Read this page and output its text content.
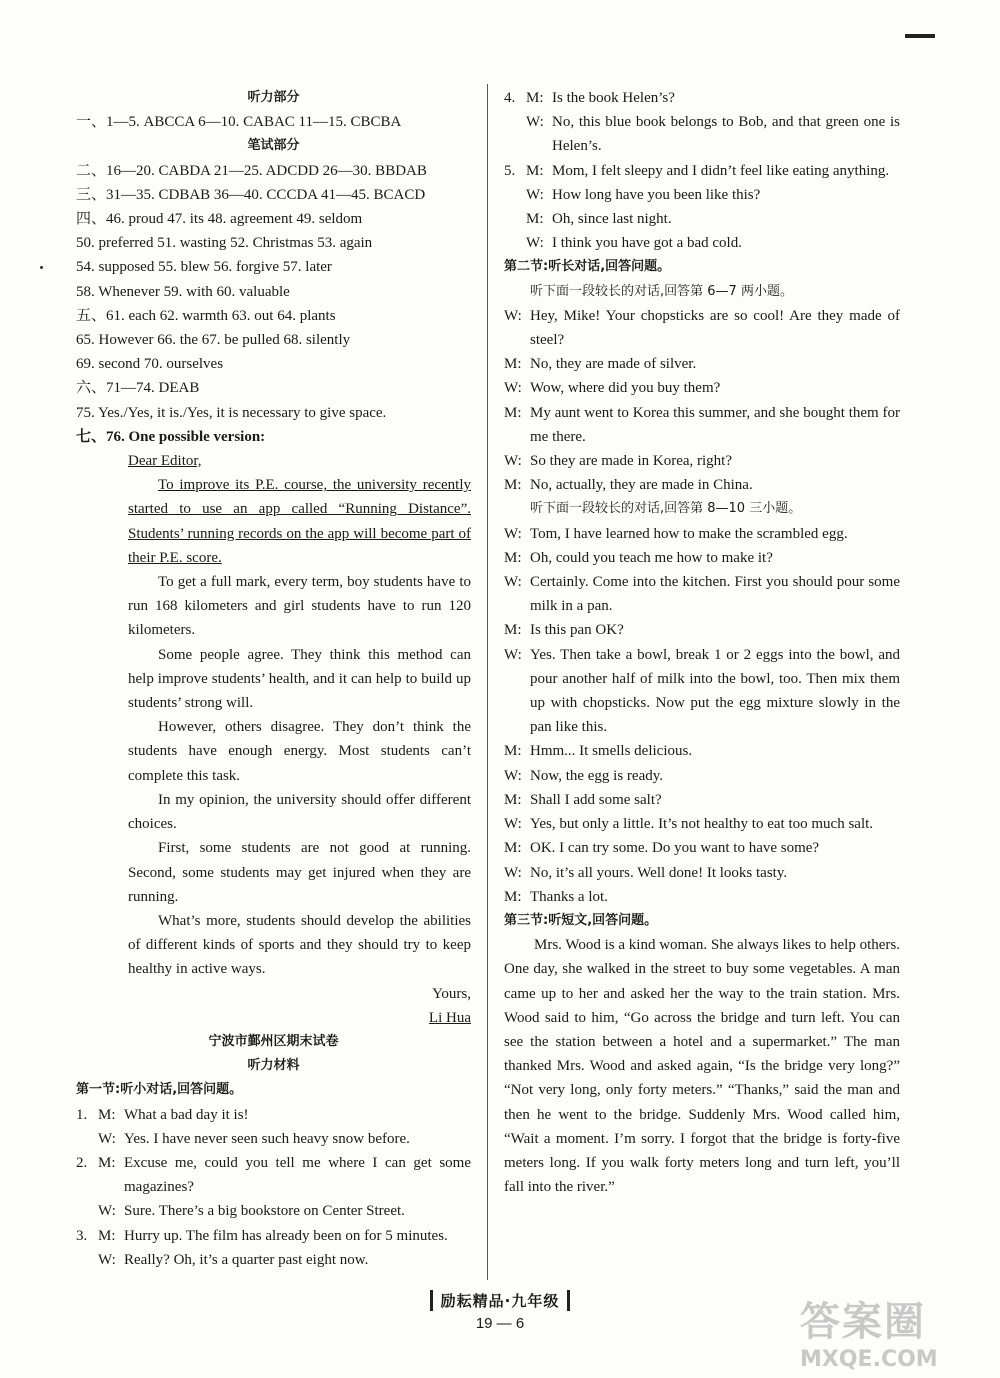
听力部分
一、1—5. ABCCA 6—10. CABAC 11—15. CBCBA
笔试部分
二、16—20. CABDA 21—25. ADCDD 26—30. BBDAB
三、31—35. CDBAB 36—40. CCCDA 41—45. BCACD
四、46. proud 47. its 48. agreement 49. seldom
50. preferred 51. wasting 52. Christmas 53. again
54. supposed 55. blew 56. forgive 57. later
58. Whenever 59. with 60. valuable
五、61. each 62. warmth 63. out 64. plants
65. However 66. the 67. be pulled 68. silently
69. second 70. ourselves
六、71—74. DEAB
75. Yes./Yes, it is./Yes, it is necessary to give space.
七、76. One possible version:
Dear Editor,
To improve its P.E. course, the university recently started to use an app called “Running Distance”. Students’ running records on the app will become part of their P.E. score.
To get a full mark, every term, boy students have to run 168 kilometers and girl students have to run 120 kilometers.
Some people agree. They think this method can help improve students’ health, and it can help to build up students’ strong will.
However, others disagree. They don’t think the students have enough energy. Most students can’t complete this task.
In my opinion, the university should offer different choices.
First, some students are not good at running. Second, some students may get injured when they are running.
What’s more, students should develop the abilities of different kinds of sports and they should try to keep healthy in active ways.
Yours,
Li Hua
宁波市鄞州区期末试卷
听力材料
第一节:听小对话,回答问题。
1. M: What a bad day it is!
W: Yes. I have never seen such heavy snow before.
2. M: Excuse me, could you tell me where I can get some magazines?
W: Sure. There’s a big bookstore on Center Street.
3. M: Hurry up. The film has already been on for 5 minutes.
W: Really? Oh, it’s a quarter past eight now.
4. M: Is the book Helen’s?
W: No, this blue book belongs to Bob, and that green one is Helen’s.
5. M: Mom, I felt sleepy and I didn’t feel like eating anything.
W: How long have you been like this?
M: Oh, since last night.
W: I think you have got a bad cold.
第二节:听长对话,回答问题。
听下面一段较长的对话,回答第 6—7 两小题。
W: Hey, Mike! Your chopsticks are so cool! Are they made of steel?
M: No, they are made of silver.
W: Wow, where did you buy them?
M: My aunt went to Korea this summer, and she bought them for me there.
W: So they are made in Korea, right?
M: No, actually, they are made in China.
听下面一段较长的对话,回答第 8—10 三小题。
W: Tom, I have learned how to make the scrambled egg.
M: Oh, could you teach me how to make it?
W: Certainly. Come into the kitchen. First you should pour some milk in a pan.
M: Is this pan OK?
W: Yes. Then take a bowl, break 1 or 2 eggs into the bowl, and pour another half of milk into the bowl, too. Then mix them up with chopsticks. Now put the egg mixture slowly in the pan like this.
M: Hmm... It smells delicious.
W: Now, the egg is ready.
M: Shall I add some salt?
W: Yes, but only a little. It’s not healthy to eat too much salt.
M: OK. I can try some. Do you want to have some?
W: No, it’s all yours. Well done! It looks tasty.
M: Thanks a lot.
第三节:听短文,回答问题。
Mrs. Wood is a kind woman. She always likes to help others. One day, she walked in the street to buy some vegetables. A man came up to her and asked her the way to the train station. Mrs. Wood said to him, “Go across the bridge and turn left. You can see the station between a hotel and a supermarket.” The man thanked Mrs. Wood and asked again, “Is the bridge very long?” “Not very long, only forty meters.” “Thanks,” said the man and then he went to the bridge. Suddenly Mrs. Wood called him, “Wait a moment. I’m sorry. I forgot that the bridge is forty-five meters long. If you walk forty meters long and turn left, you’ll fall into the river.”
励耘精品·九年级
19 — 6	答案圈
MXQE.COM
